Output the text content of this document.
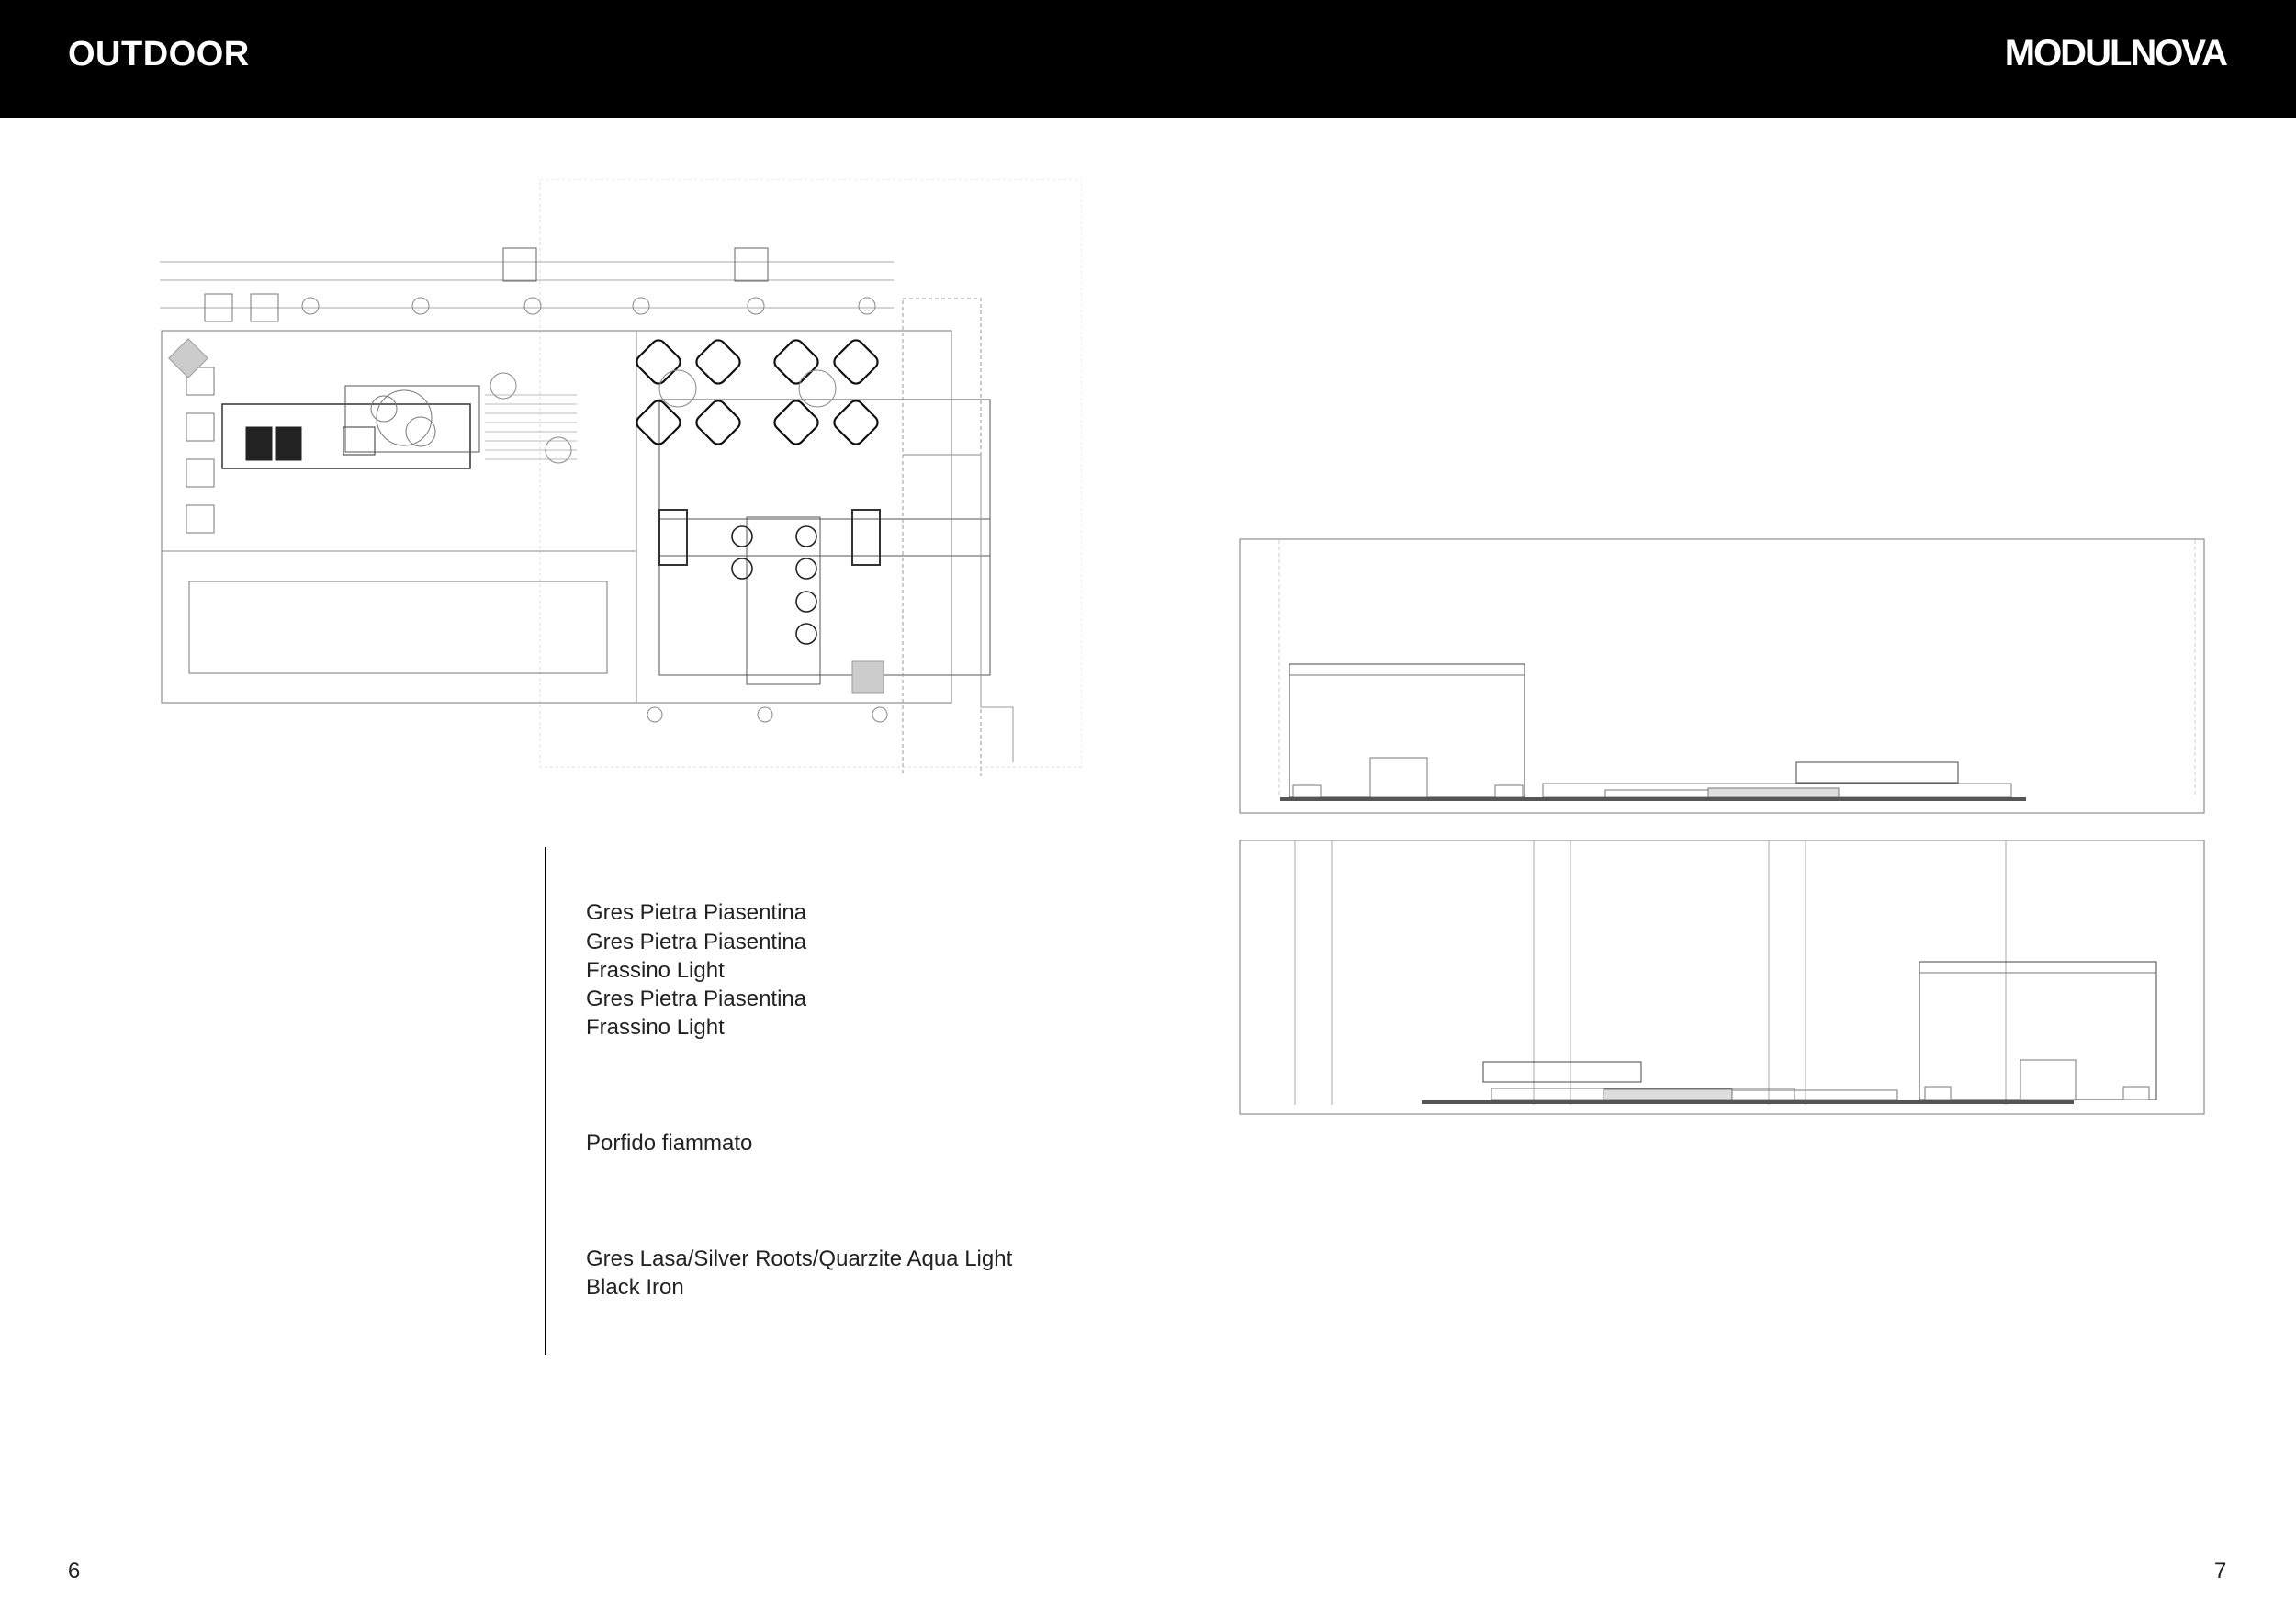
OUTDOOR	MODULNOVA
Gres Pietra Piasentina
Gres Pietra Piasentina
Frassino Light
Gres Pietra Piasentina
Frassino Light
Porfido fiammato
Gres Lasa/Silver Roots/Quarzite Aqua Light
Black Iron
6	7
